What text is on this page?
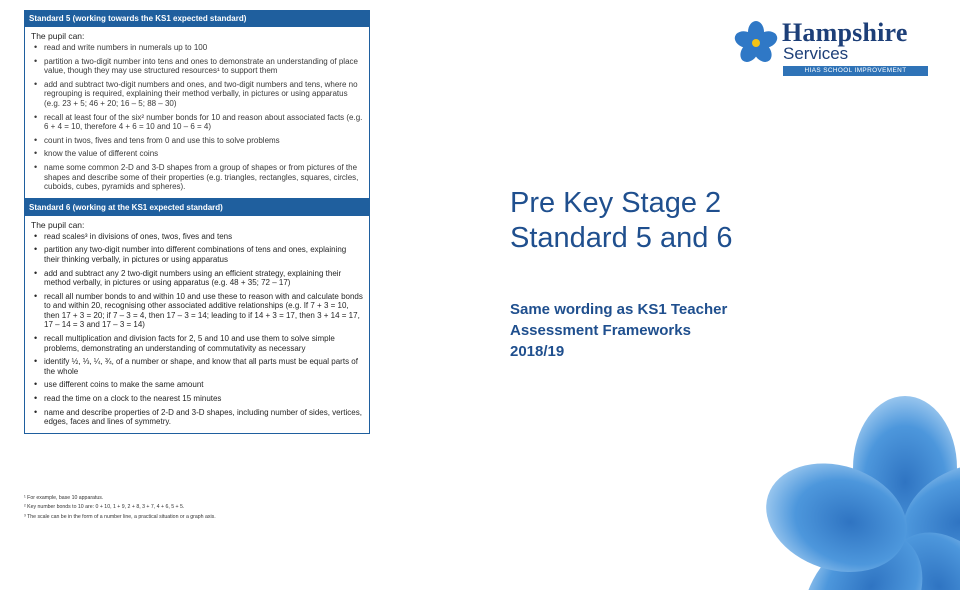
Standard 5 (working towards the KS1 expected standard)
The pupil can:
• read and write numbers in numerals up to 100
• partition a two-digit number into tens and ones to demonstrate an understanding of place value, though they may use structured resources¹ to support them
• add and subtract two-digit numbers and ones, and two-digit numbers and tens, where no regrouping is required, explaining their method verbally, in pictures or using apparatus (e.g. 23 + 5; 46 + 20; 16 – 5; 88 – 30)
• recall at least four of the six² number bonds for 10 and reason about associated facts (e.g. 6 + 4 = 10, therefore 4 + 6 = 10 and 10 – 6 = 4)
• count in twos, fives and tens from 0 and use this to solve problems
• know the value of different coins
• name some common 2-D and 3-D shapes from a group of shapes or from pictures of the shapes and describe some of their properties (e.g. triangles, rectangles, squares, circles, cuboids, cubes, pyramids and spheres).
Standard 6 (working at the KS1 expected standard)
The pupil can:
• read scales³ in divisions of ones, twos, fives and tens
• partition any two-digit number into different combinations of tens and ones, explaining their thinking verbally, in pictures or using apparatus
• add and subtract any 2 two-digit numbers using an efficient strategy, explaining their method verbally, in pictures or using apparatus (e.g. 48 + 35; 72 – 17)
• recall all number bonds to and within 10 and use these to reason with and calculate bonds to and within 20, recognising other associated additive relationships (e.g. If 7 + 3 = 10, then 17 + 3 = 20; if 7 – 3 = 4, then 17 – 3 = 14; leading to if 14 + 3 = 17, then 3 + 14 = 17, 17 – 14 = 3 and 17 – 3 = 14)
• recall multiplication and division facts for 2, 5 and 10 and use them to solve simple problems, demonstrating an understanding of commutativity as necessary
• identify ½, ⅓, ¼, ¾, of a number or shape, and know that all parts must be equal parts of the whole
• use different coins to make the same amount
• read the time on a clock to the nearest 15 minutes
• name and describe properties of 2-D and 3-D shapes, including number of sides, vertices, edges, faces and lines of symmetry.
¹ For example, base 10 apparatus.
² Key number bonds to 10 are: 0 + 10, 1 + 9, 2 + 8, 3 + 7, 4 + 6, 5 + 5.
³ The scale can be in the form of a number line, a practical situation or a graph axis.
Hampshire
Services
HIAS SCHOOL IMPROVEMENT
Pre Key Stage 2
Standard 5 and 6
Same wording as KS1 Teacher
Assessment Frameworks
2018/19
